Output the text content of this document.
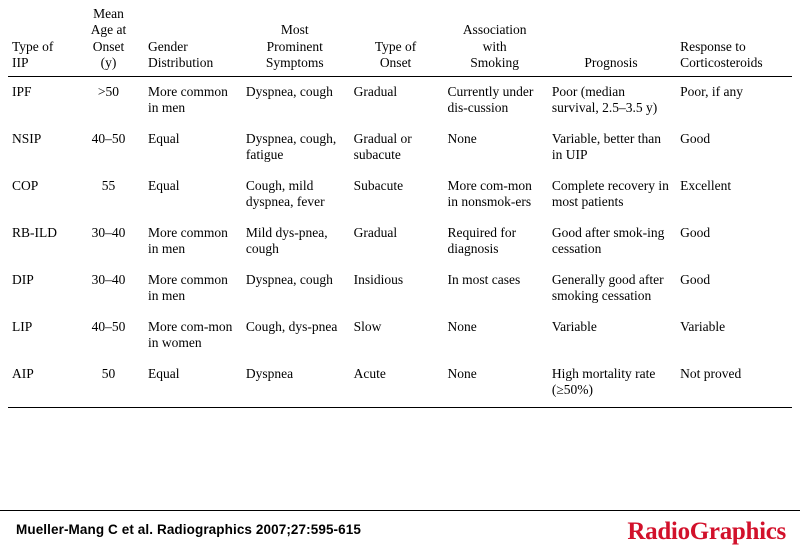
Type of
IIP	Mean
Age at
Onset
(y)	Gender
Distribution	Most
Prominent
Symptoms	Type of
Onset	Association
with
Smoking	Prognosis	Response to
Corticosteroids
IPF	>50	More common in men	Dyspnea, cough	Gradual	Currently under dis-cussion	Poor (median survival, 2.5–3.5 y)	Poor, if any
NSIP	40–50	Equal	Dyspnea, cough, fatigue	Gradual or subacute	None	Variable, better than in UIP	Good
COP	55	Equal	Cough, mild dyspnea, fever	Subacute	More com-mon in nonsmok-ers	Complete recovery in most patients	Excellent
RB-ILD	30–40	More common in men	Mild dys-pnea, cough	Gradual	Required for diagnosis	Good after smok-ing cessation	Good
DIP	30–40	More common in men	Dyspnea, cough	Insidious	In most cases	Generally good after smoking cessation	Good
LIP	40–50	More com-mon in women	Cough, dys-pnea	Slow	None	Variable	Variable
AIP	50	Equal	Dyspnea	Acute	None	High mortality rate (≥50%)	Not proved
Mueller-Mang C et al. Radiographics 2007;27:595-615	RadioGraphics
